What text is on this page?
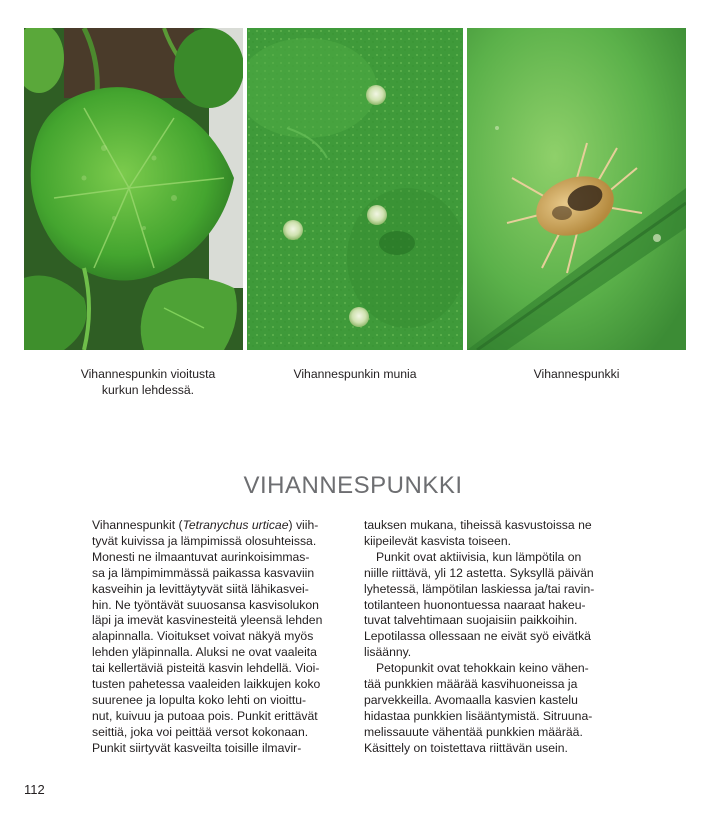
Vihannespunkin vioitusta
kurkun lehdessä.
Vihannespunkin munia	Vihannespunkki
VIHANNESPUNKKI
Vihannespunkit (Tetranychus urticae) viih-
tyvät kuivissa ja lämpimissä olosuhteissa.
Monesti ne ilmaantuvat aurinkoisimmas-
sa ja lämpimimmässä paikassa kasvaviin
kasveihin ja levittäytyvät siitä lähikasvei-
hin. Ne työntävät suuosansa kasvisolukon
läpi ja imevät kasvinesteitä yleensä lehden
alapinnalla. Vioitukset voivat näkyä myös
lehden yläpinnalla. Aluksi ne ovat vaaleita
tai kellertäviä pisteitä kasvin lehdellä. Vioi-
tusten pahetessa vaaleiden laikkujen koko
suurenee ja lopulta koko lehti on vioittu-
nut, kuivuu ja putoaa pois. Punkit erittävät
seittiä, joka voi peittää versot kokonaan.
Punkit siirtyvät kasveilta toisille ilmavir-
tauksen mukana, tiheissä kasvustoissa ne
kiipeilevät kasvista toiseen.
Punkit ovat aktiivisia, kun lämpötila on
niille riittävä, yli 12 astetta. Syksyllä päivän
lyhetessä, lämpötilan laskiessa ja/tai ravin-
totilanteen huonontuessa naaraat hakeu-
tuvat talvehtimaan suojaisiin paikkoihin.
Lepotilassa ollessaan ne eivät syö eivätkä
lisäänny.
Petopunkit ovat tehokkain keino vähen-
tää punkkien määrää kasvihuoneissa ja
parvekkeilla. Avomaalla kasvien kastelu
hidastaa punkkien lisääntymistä. Sitruuna-
melissauute vähentää punkkien määrää.
Käsittely on toistettava riittävän usein.
112
